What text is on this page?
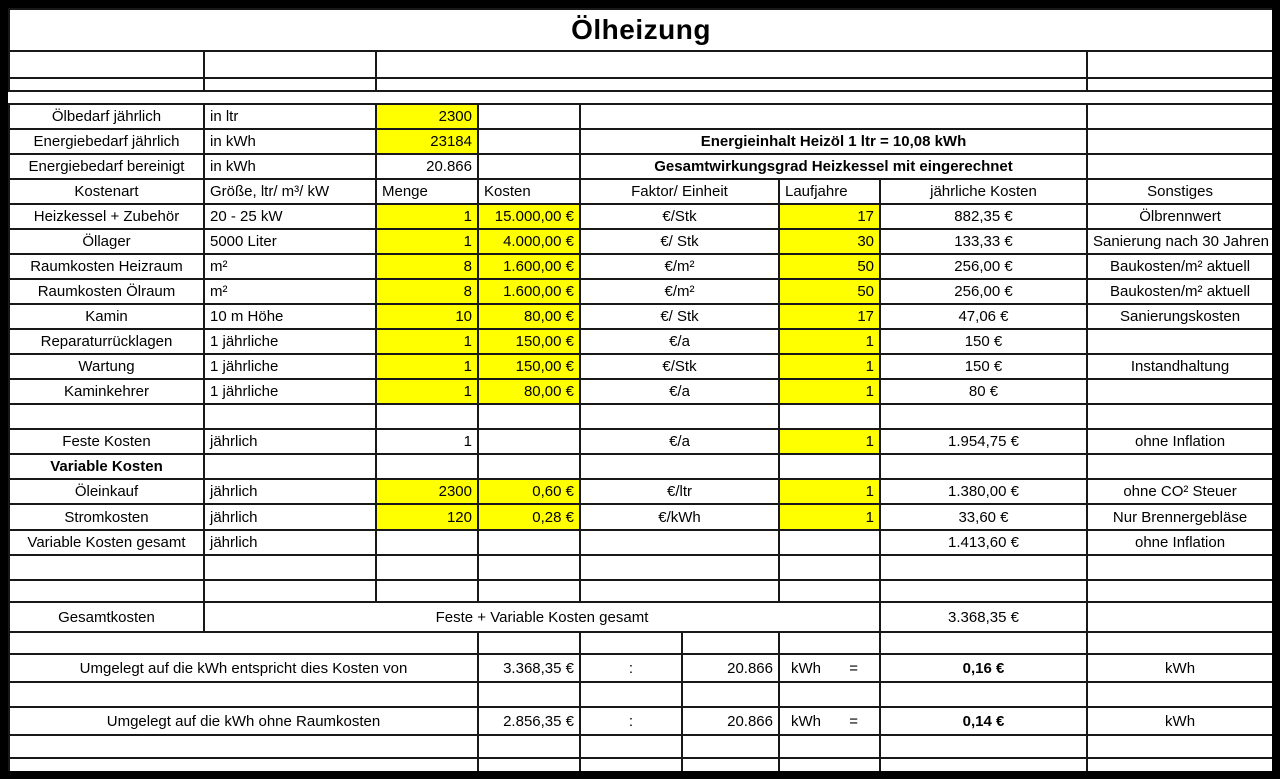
Ölheizung								

Ölbedarf jährlich	in ltr	2300						
Energiebedarf jährlich	in kWh	23184		Energieinhalt Heizöl 1 ltr = 10,08 kWh				
Energiebedarf bereinigt	in kWh	20.866		Gesamtwirkungsgrad Heizkessel mit eingerechnet				
Kostenart	Größe, ltr/ m³/ kW	Menge	Kosten	Faktor/ Einheit		Laufjahre	jährliche Kosten	Sonstiges
Heizkessel + Zubehör	20 - 25 kW	1	15.000,00 €	€/Stk		17	882,35 €	Ölbrennwert
Öllager	5000 Liter	1	4.000,00 €	€/ Stk		30	133,33 €	Sanierung nach 30 Jahren
Raumkosten Heizraum	m²	8	1.600,00 €	€/m²		50	256,00 €	Baukosten/m² aktuell
Raumkosten Ölraum	m²	8	1.600,00 €	€/m²		50	256,00 €	Baukosten/m² aktuell
Kamin	10 m Höhe	10	80,00 €	€/ Stk		17	47,06 €	Sanierungskosten
Reparaturrücklagen	1 jährliche	1	150,00 €	€/a		1	150 €	
Wartung	1 jährliche	1	150,00 €	€/Stk		1	150 €	Instandhaltung
Kaminkehrer	1 jährliche	1	80,00 €	€/a		1	80 €	

Feste Kosten	jährlich	1		€/a		1	1.954,75 €	ohne Inflation
Variable Kosten								
Öleinkauf	jährlich	2300	0,60 €	€/ltr		1	1.380,00 €	ohne CO² Steuer
Stromkosten	jährlich	120	0,28 €	€/kWh		1	33,60 €	Nur Brennergebläse
Variable Kosten gesamt	jährlich						1.413,60 €	ohne Inflation

Gesamtkosten	Feste + Variable Kosten gesamt						3.368,35 €	

Umgelegt auf die kWh entspricht dies Kosten von			3.368,35 €	:	20.866	kWh =	0,16 €	kWh

Umgelegt auf die kWh ohne Raumkosten			2.856,35 €	:	20.866	kWh =	0,14 €	kWh
